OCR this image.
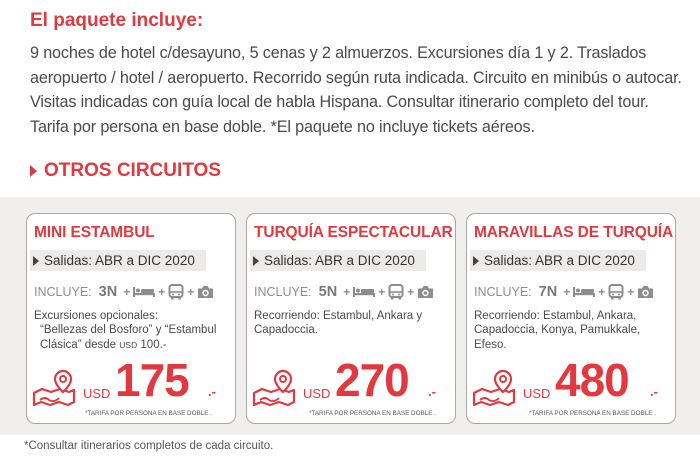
El paquete incluye:
9 noches de hotel c/desayuno, 5 cenas y 2 almuerzos. Excursiones día 1 y 2. Traslados aeropuerto / hotel / aeropuerto. Recorrido según ruta indicada. Circuito en minibús o autocar. Visitas indicadas con guía local de habla Hispana. Consultar itinerario completo del tour. Tarifa por persona en base doble. *El paquete no incluye tickets aéreos.
OTROS CIRCUITOS
MINI ESTAMBUL
Salidas: ABR a DIC 2020
INCLUYE: 3N + + +
Excursiones opcionales:
“Bellezas del Bosforo” y “Estambul
Clásica” desde USD 100.-
USD 175 .-
*TARIFA POR PERSONA EN BASE DOBLE .
TURQUÍA ESPECTACULAR
Salidas: ABR a DIC 2020
INCLUYE: 5N + + +
Recorriendo: Estambul, Ankara y
Capadoccia.
USD 270 .-
*TARIFA POR PERSONA EN BASE DOBLE .
MARAVILLAS DE TURQUÍA
Salidas: ABR a DIC 2020
INCLUYE: 7N + + +
Recorriendo: Estambul, Ankara,
Capadoccia, Konya, Pamukkale,
Efeso.
USD 480 .-
*TARIFA POR PERSONA EN BASE DOBLE .
*Consultar itinerarios completos de cada circuito.
